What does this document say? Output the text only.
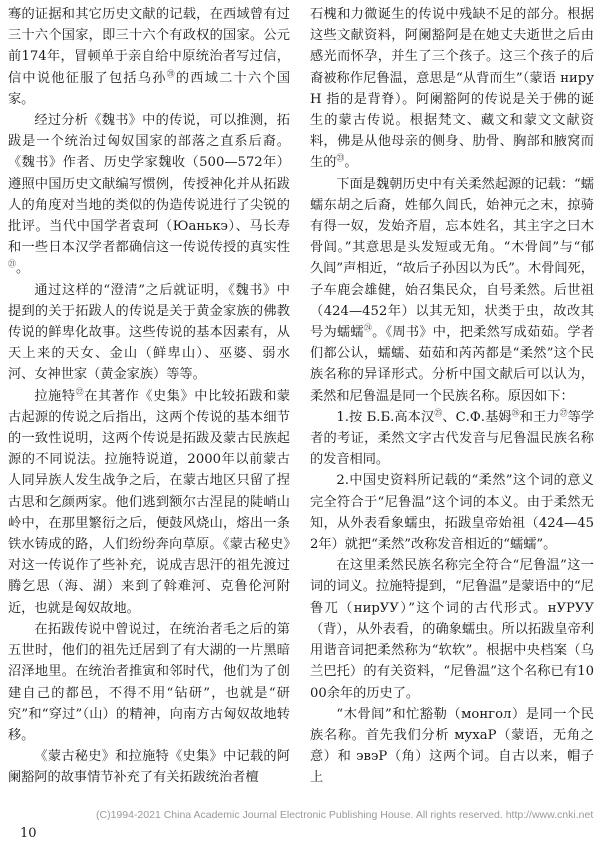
骞的证据和其它历史文献的记载，在西域曾有过三十六个国家，即三十六个有政权的国家。公元前174年，冒顿单于亲自给中原统治者写过信，信中说他征服了包括乌孙⑳的西域二十六个国家。

经过分析《魏书》中的传说，可以推测，拓跋是一个统治过匈奴国家的部落之直系后裔。《魏书》作者、历史学家魏收（500—572年）遵照中国历史文献编写惯例，传授神化并从拓跋人的角度对当地的类似的伪造传说进行了尖锐的批评。当代中国学者袁珂（Юанькэ）、马长寿和一些日本汉学者都确信这一传说传授的真实性$^㉑$。

通过这样的“澄清”之后就证明，《魏书》中提到的关于拓跋人的传说是关于黄金家族的佛教传说的鲜卑化故事。这些传说的基本因素有，从天上来的天女、金山（鲜卑山）、巫婆、弱水河、女神世家（黄金家族）等等。

拉施特$^㉒$在其著作《史集》中比较拓跋和蒙古起源的传说之后指出，这两个传说的基本细节的一致性说明，这两个传说是拓跋及蒙古民族起源的不同说法。拉施特说道，2000年以前蒙古人同异族人发生战争之后，在蒙古地区只留了捏古思和乞颜两家。他们逃到额尔古涅昆的陡峭山岭中，在那里繁衍之后，便鼓风烧山，熔出一条铁水铸成的路，人们纷纷奔向草原。《蒙古秘史》对这一传说作了些补充，说成吉思汗的祖先渡过腾乞思（海、湖）来到了斡难河、克鲁伦河附近，也就是匈奴故地。

在拓跋传说中曾说过，在统治者毛之后的第五世时，他们的祖先迁居到了有大湖的一片黑暗沼泽地里。在统治者推寅和邻时代，他们为了创建自己的都邑，不得不用“钻研”，也就是“研究”和“穿过”（山）的精神，向南方古匈奴故地转移。

《蒙古秘史》和拉施特《史集》中记载的阿阑豁阿的故事情节补充了有关拓跋统治者檀

石槐和力微诞生的传说中残缺不足的部分。根据这些文献资料，阿阑豁阿是在她丈夫逝世之后由感光而怀孕，并生了三个孩子。这三个孩子的后裔被称作尼鲁温，意思是“从背而生”（蒙语 нируН 指的是背脊）。阿阑豁阿的传说是关于佛的诞生的蒙古传说。根据梵文、藏文和蒙文文献资料，佛是从他母亲的侧身、肋骨、胸部和腋窝而生的$^㉓$。

下面是魏朝历史中有关柔然起源的记载：“蠕蠕东胡之后裔，姓郁久闾氏，始神元之末，掠骑有得一奴，发始齐眉，忘本姓名，其主字之曰木骨闾。”其意思是头发短或无角。“木骨闾”与“郁久闾”声相近，“故后子孙因以为氏”。木骨闾死，子车鹿会雄健，始召集民众，自号柔然。后世祖（424—452年）以其无知，状类于虫，故改其号为蠕蠕$^㉔$。《周书》中，把柔然写成茹茹。学者们都公认，蠕蠕、茹茹和芮芮都是“柔然”这个民族名称的异译形式。分析中国文献后可以认为，柔然和尼鲁温是同一个民族名称。原因如下：

1.按 Б.Б.高本汉$^㉕$、С.Ф.基姆$^㉖$和王力$^㉗$等学者的考证，柔然文字古代发音与尼鲁温民族名称的发音相同。

2.中国史资料所记载的“柔然”这个词的意义完全符合于“尼鲁温”这个词的本义。由于柔然无知，从外表看象蠕虫，拓跋皇帝始祖（424—452年）就把“柔然”改称发音相近的“蠕蠕”。

在这里柔然民族名称完全符合“尼鲁温”这一词的词义。拉施特提到，“尼鲁温”是蒙语中的“尼鲁兀（нирУУ）”这个词的古代形式。нУРУУ（背），从外表看，的确象蠕虫。所以拓跋皇帝利用谐音词把柔然称为“软软”。根据中央档案（乌兰巴托）的有关资料，“尼鲁温”这个名称已有1000余年的历史了。

“木骨闾”和忙豁勒（монгол）是同一个民族名称。首先我们分析 мухаР（蒙语，无角之意）和 эвэР（角）这两个词。自古以来，帽子上

(C)1994-2021 China Academic Journal Electronic Publishing House. All rights reserved. http://www.cnki.net
10
